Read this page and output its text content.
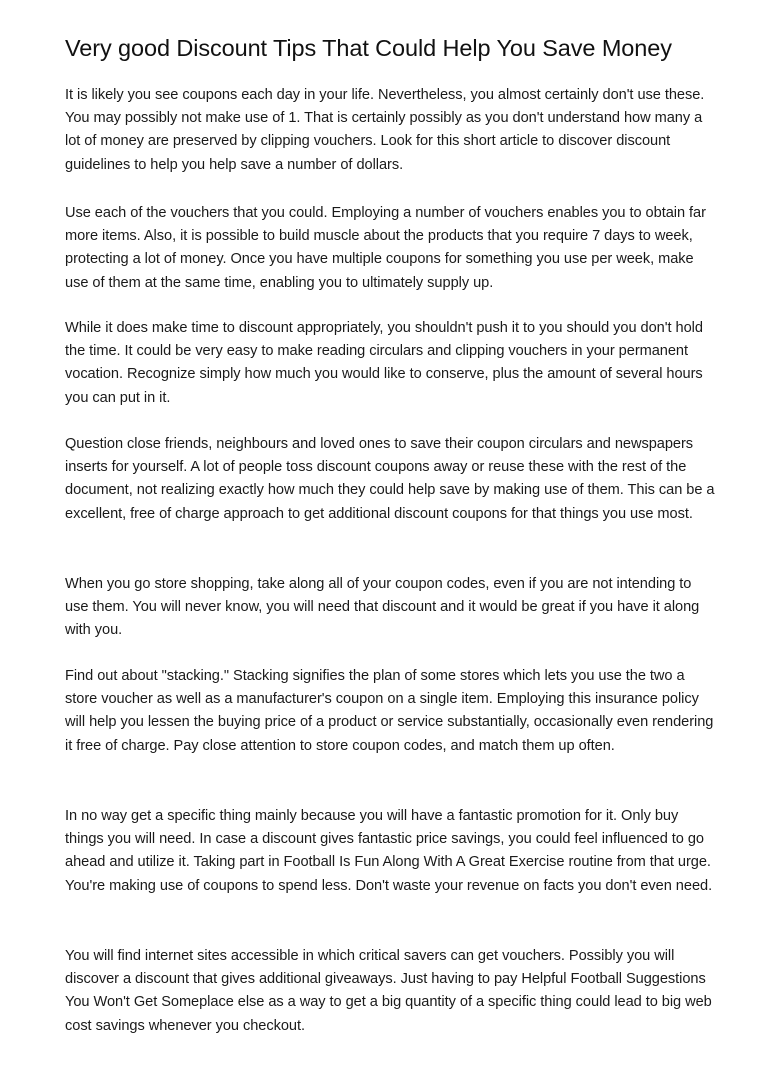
Very good Discount Tips That Could Help You Save Money

It is likely you see coupons each day in your life. Nevertheless, you almost certainly don't use these. You may possibly not make use of 1. That is certainly possibly as you don't understand how many a lot of money are preserved by clipping vouchers. Look for this short article to discover discount guidelines to help you help save a number of dollars.

Use each of the vouchers that you could. Employing a number of vouchers enables you to obtain far more items. Also, it is possible to build muscle about the products that you require 7 days to week, protecting a lot of money. Once you have multiple coupons for something you use per week, make use of them at the same time, enabling you to ultimately supply up.

While it does make time to discount appropriately, you shouldn't push it to you should you don't hold the time. It could be very easy to make reading circulars and clipping vouchers in your permanent vocation. Recognize simply how much you would like to conserve, plus the amount of several hours you can put in it.

Question close friends, neighbours and loved ones to save their coupon circulars and newspapers inserts for yourself. A lot of people toss discount coupons away or reuse these with the rest of the document, not realizing exactly how much they could help save by making use of them. This can be a excellent, free of charge approach to get additional discount coupons for that things you use most.

When you go store shopping, take along all of your coupon codes, even if you are not intending to use them. You will never know, you will need that discount and it would be great if you have it along with you.

Find out about "stacking." Stacking signifies the plan of some stores which lets you use the two a store voucher as well as a manufacturer's coupon on a single item. Employing this insurance policy will help you lessen the buying price of a product or service substantially, occasionally even rendering it free of charge. Pay close attention to store coupon codes, and match them up often.

In no way get a specific thing mainly because you will have a fantastic promotion for it. Only buy things you will need. In case a discount gives fantastic price savings, you could feel influenced to go ahead and utilize it. Taking part in Football Is Fun Along With A Great Exercise routine from that urge. You're making use of coupons to spend less. Don't waste your revenue on facts you don't even need.

You will find internet sites accessible in which critical savers can get vouchers. Possibly you will discover a discount that gives additional giveaways. Just having to pay Helpful Football Suggestions You Won't Get Someplace else as a way to get a big quantity of a specific thing could lead to big web cost savings whenever you checkout.
